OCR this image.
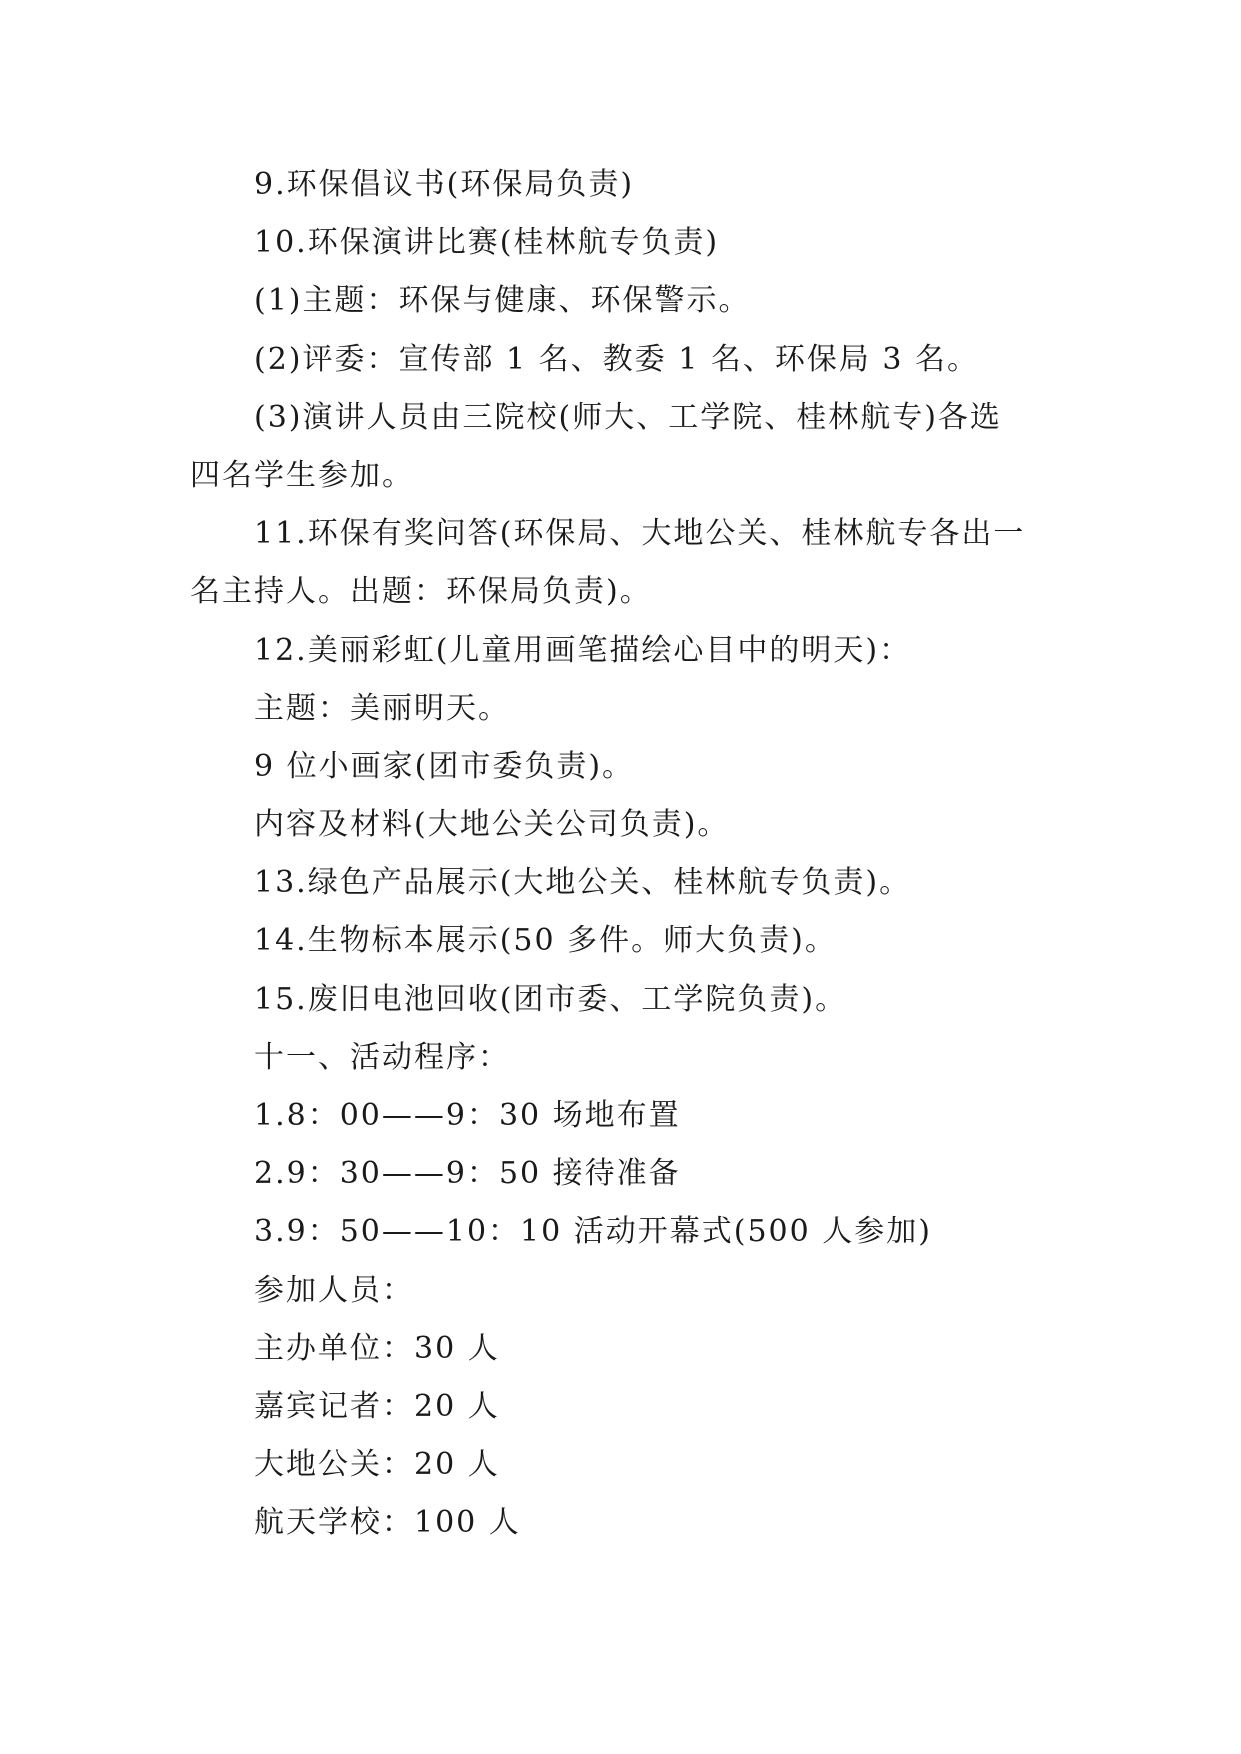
9.环保倡议书(环保局负责)
10.环保演讲比赛(桂林航专负责)
(1)主题：环保与健康、环保警示。
(2)评委：宣传部 1 名、教委 1 名、环保局 3 名。
(3)演讲人员由三院校(师大、工学院、桂林航专)各选
四名学生参加。
11.环保有奖问答(环保局、大地公关、桂林航专各出一
名主持人。出题：环保局负责)。
12.美丽彩虹(儿童用画笔描绘心目中的明天)：
主题：美丽明天。
9 位小画家(团市委负责)。
内容及材料(大地公关公司负责)。
13.绿色产品展示(大地公关、桂林航专负责)。
14.生物标本展示(50 多件。师大负责)。
15.废旧电池回收(团市委、工学院负责)。
十一、活动程序：
1.8：00——9：30 场地布置
2.9：30——9：50 接待准备
3.9：50——10：10 活动开幕式(500 人参加)
参加人员：
主办单位：30 人
嘉宾记者：20 人
大地公关：20 人
航天学校：100 人
